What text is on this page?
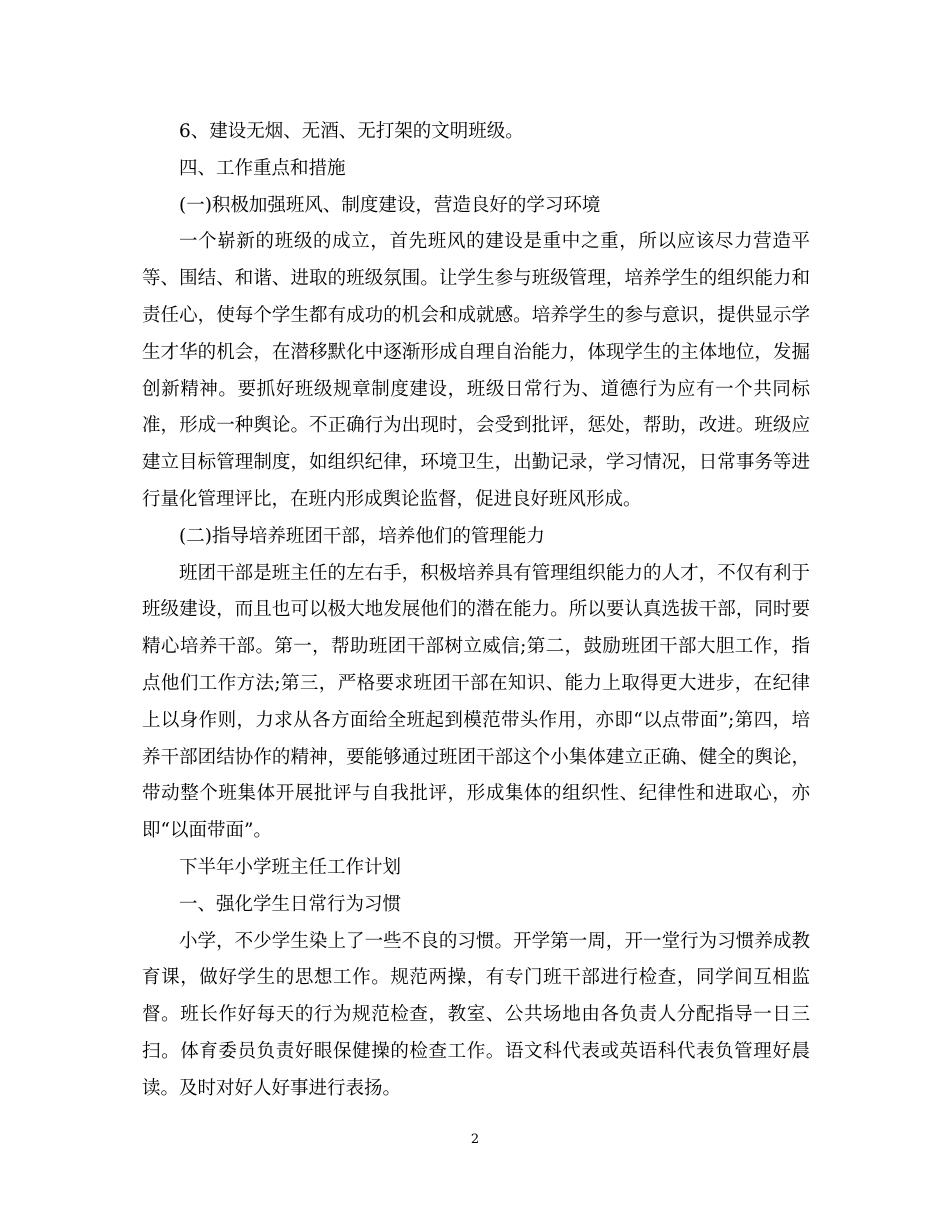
6、建设无烟、无酒、无打架的文明班级。

四、工作重点和措施

(一)积极加强班风、制度建设，营造良好的学习环境

一个崭新的班级的成立，首先班风的建设是重中之重，所以应该尽力营造平等、围结、和谐、进取的班级氛围。让学生参与班级管理，培养学生的组织能力和责任心，使每个学生都有成功的机会和成就感。培养学生的参与意识，提供显示学生才华的机会，在潜移默化中逐渐形成自理自治能力，体现学生的主体地位，发掘创新精神。要抓好班级规章制度建设，班级日常行为、道德行为应有一个共同标准，形成一种舆论。不正确行为出现时，会受到批评，惩处，帮助，改进。班级应建立目标管理制度，如组织纪律，环境卫生，出勤记录，学习情况，日常事务等进行量化管理评比，在班内形成舆论监督，促进良好班风形成。

(二)指导培养班团干部，培养他们的管理能力

班团干部是班主任的左右手，积极培养具有管理组织能力的人才，不仅有利于班级建设，而且也可以极大地发展他们的潜在能力。所以要认真选拔干部，同时要精心培养干部。第一，帮助班团干部树立威信;第二，鼓励班团干部大胆工作，指点他们工作方法;第三，严格要求班团干部在知识、能力上取得更大进步，在纪律上以身作则，力求从各方面给全班起到模范带头作用，亦即“以点带面”;第四，培养干部团结协作的精神，要能够通过班团干部这个小集体建立正确、健全的舆论，带动整个班集体开展批评与自我批评，形成集体的组织性、纪律性和进取心，亦即“以面带面”。

下半年小学班主任工作计划

一、强化学生日常行为习惯

小学，不少学生染上了一些不良的习惯。开学第一周，开一堂行为习惯养成教育课，做好学生的思想工作。规范两操，有专门班干部进行检查，同学间互相监督。班长作好每天的行为规范检查，教室、公共场地由各负责人分配指导一日三扫。体育委员负责好眼保健操的检查工作。语文科代表或英语科代表负管理好晨读。及时对好人好事进行表扬。

2
